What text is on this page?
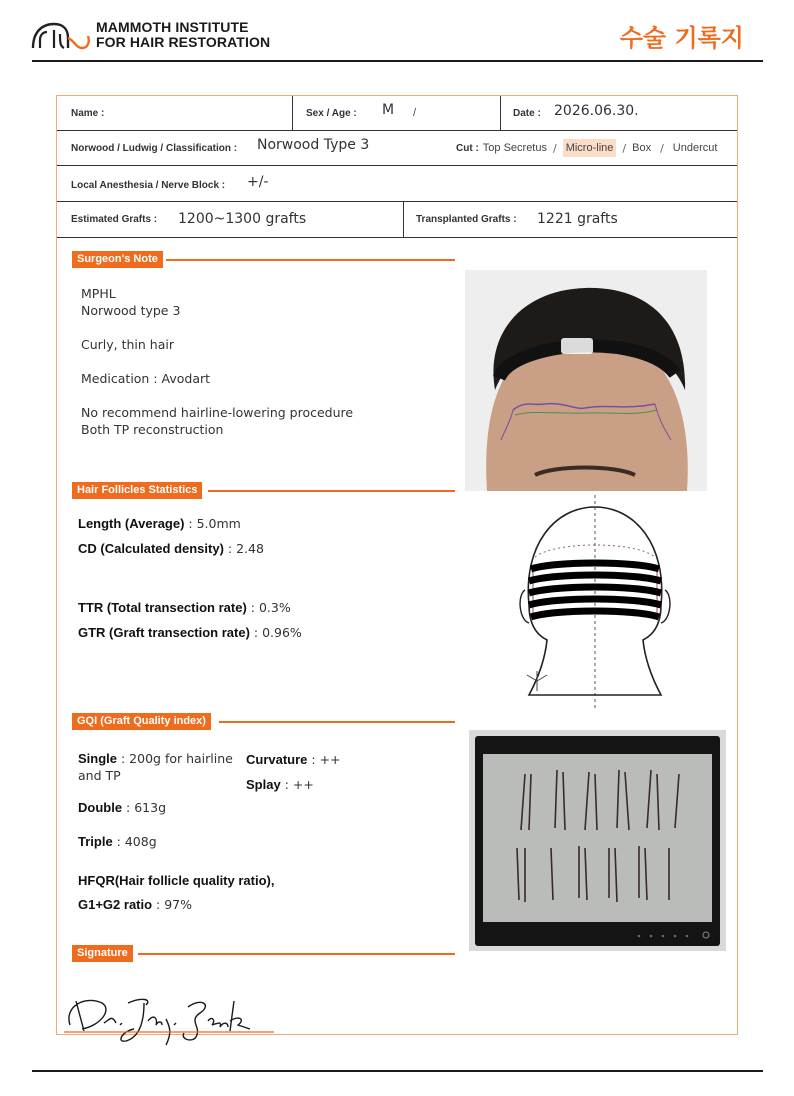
MAMMOTH INSTITUTE
FOR HAIR RESTORATION	수술 기록지
Name :	Sex / Age : M /	Date : 2026.06.30.
Norwood / Ludwig / Classification : Norwood Type 3	Cut : Top Secretus / Micro-line / Box / Undercut
Local Anesthesia / Nerve Block : +/-
Estimated Grafts : 1200~1300 grafts	Transplanted Grafts : 1221 grafts
Surgeon's Note
MPHL
Norwood type 3
Curly, thin hair
Medication : Avodart
No recommend hairline-lowering procedure
Both TP reconstruction
Hair Follicles Statistics
Length (Average) : 5.0mm
CD (Calculated density) : 2.48
TTR (Total transection rate) : 0.3%
GTR (Graft transection rate) : 0.96%
GQI (Graft Quality index)
Single : 200g for hairline
and TP
Double : 613g
Triple : 408g
HFQR(Hair follicle quality ratio),
G1+G2 ratio : 97%
Curvature : ++
Splay : ++
Signature
